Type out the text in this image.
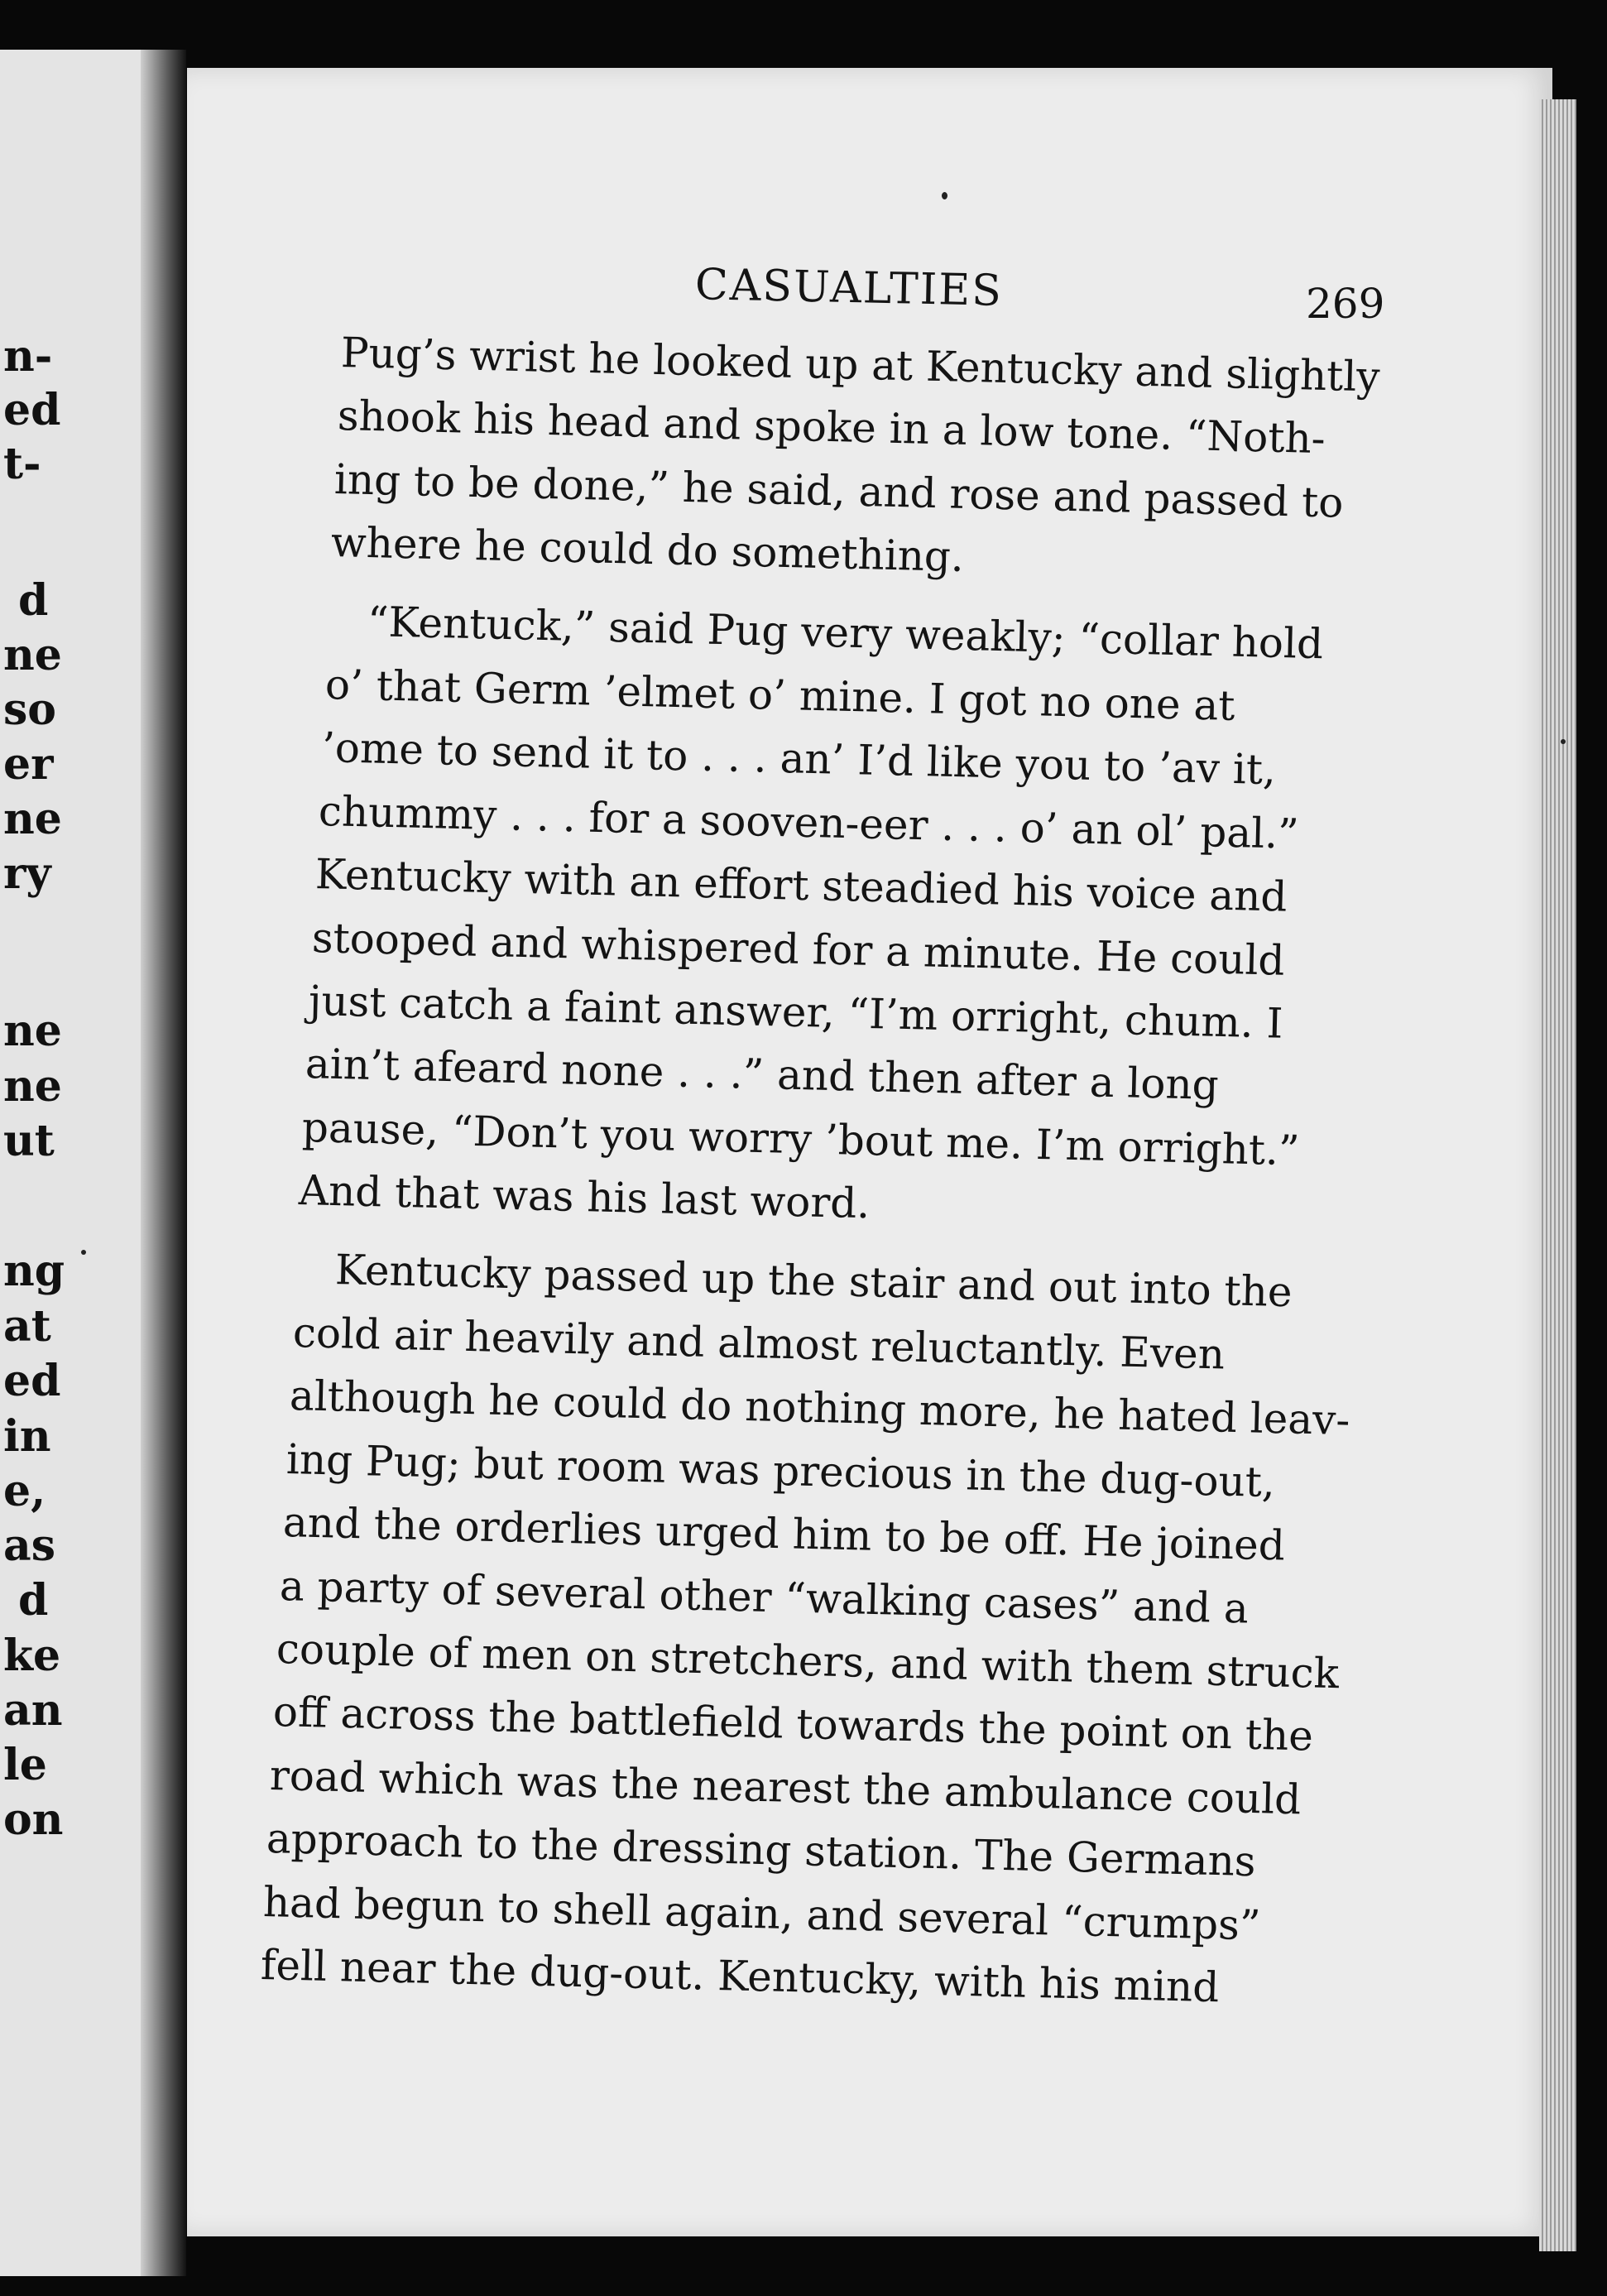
CASUALTIES	269
n-
ed
t-
d
ne
so
er
ne
ry
ne
ne
ut
ng
at
ed
in
e,
as
d
ke
an
le
on
Pug’s wrist he looked up at Kentucky and slightly
shook his head and spoke in a low tone. “Noth-
ing to be done,” he said, and rose and passed to
where he could do something.
“Kentuck,” said Pug very weakly; “collar hold
o’ that Germ ’elmet o’ mine. I got no one at
’ome to send it to . . . an’ I’d like you to ’av it,
chummy . . . for a sooven-eer . . . o’ an ol’ pal.”
Kentucky with an effort steadied his voice and
stooped and whispered for a minute. He could
just catch a faint answer, “I’m orright, chum. I
ain’t afeard none . . .” and then after a long
pause, “Don’t you worry ’bout me. I’m orright.”
And that was his last word.
Kentucky passed up the stair and out into the
cold air heavily and almost reluctantly. Even
although he could do nothing more, he hated leav-
ing Pug; but room was precious in the dug-out,
and the orderlies urged him to be off. He joined
a party of several other “walking cases” and a
couple of men on stretchers, and with them struck
off across the battlefield towards the point on the
road which was the nearest the ambulance could
approach to the dressing station. The Germans
had begun to shell again, and several “crumps”
fell near the dug-out. Kentucky, with his mind
